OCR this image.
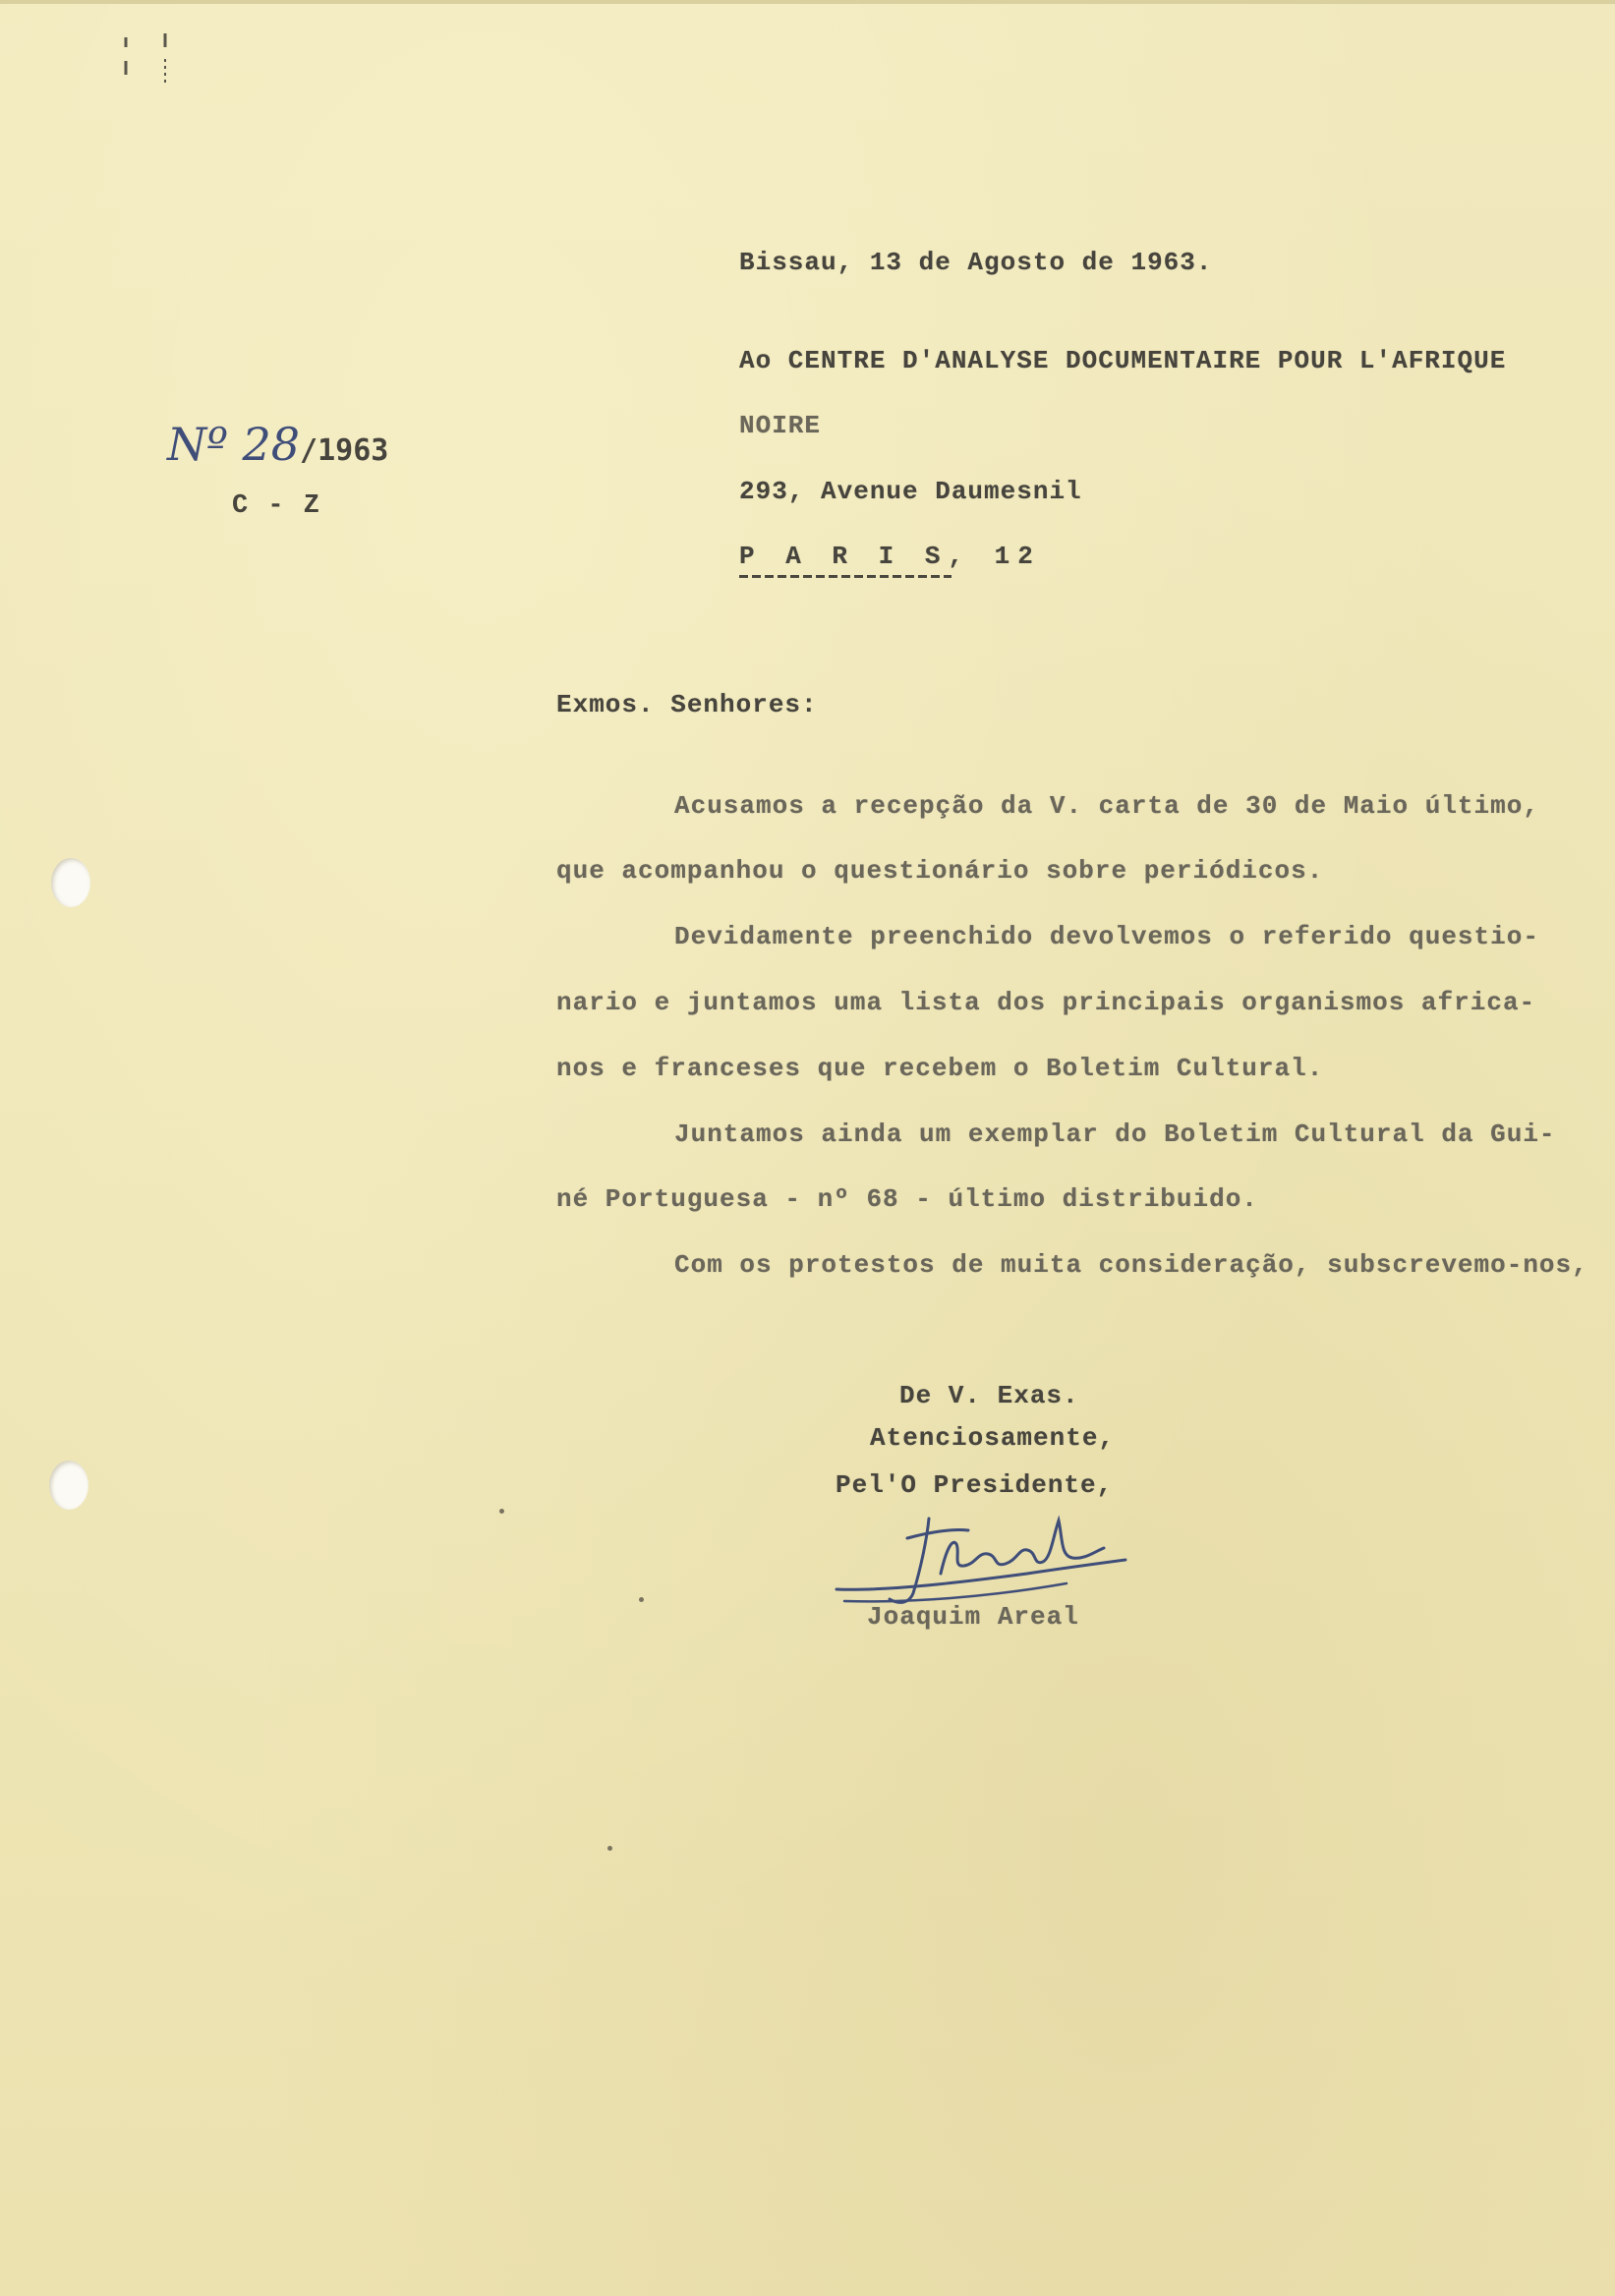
Nº 28/1963
C - Z
Bissau, 13 de Agosto de 1963.
Ao CENTRE D'ANALYSE DOCUMENTAIRE POUR L'AFRIQUE
NOIRE
293, Avenue Daumesnil
P A R I S, 12
Exmos. Senhores:
Acusamos a recepção da V. carta de 30 de Maio último,
que acompanhou o questionário sobre periódicos.
Devidamente preenchido devolvemos o referido questio-
nario e juntamos uma lista dos principais organismos africa-
nos e franceses que recebem o Boletim Cultural.
Juntamos ainda um exemplar do Boletim Cultural da Gui-
né Portuguesa - nº 68 - último distribuido.
Com os protestos de muita consideração, subscrevemo-nos,
De V. Exas.
Atenciosamente,
Pel'O Presidente,
Joaquim Areal
